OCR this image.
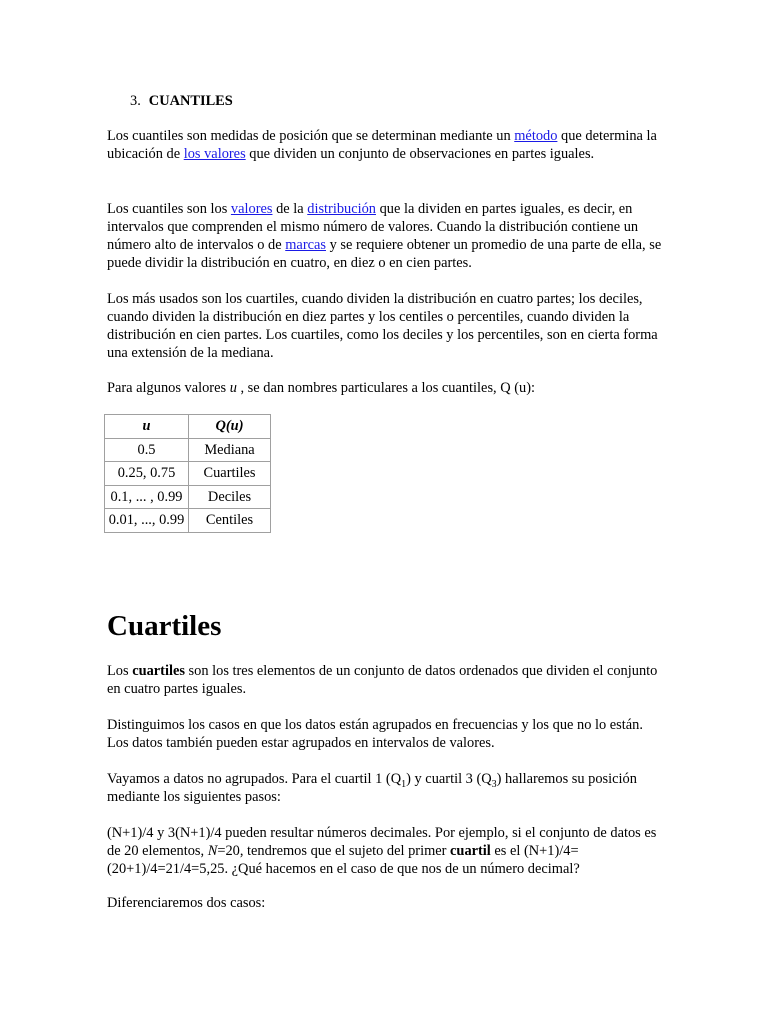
3. CUANTILES

Los cuantiles son medidas de posición que se determinan mediante un método que determina la ubicación de los valores que dividen un conjunto de observaciones en partes iguales.

Los cuantiles son los valores de la distribución que la dividen en partes iguales, es decir, en intervalos que comprenden el mismo número de valores. Cuando la distribución contiene un número alto de intervalos o de marcas y se requiere obtener un promedio de una parte de ella, se puede dividir la distribución en cuatro, en diez o en cien partes.

Los más usados son los cuartiles, cuando dividen la distribución en cuatro partes; los deciles, cuando dividen la distribución en diez partes y los centiles o percentiles, cuando dividen la distribución en cien partes. Los cuartiles, como los deciles y los percentiles, son en cierta forma una extensión de la mediana.

Para algunos valores u , se dan nombres particulares a los cuantiles, Q (u):

u	Q(u)
0.5	Mediana
0.25, 0.75	Cuartiles
0.1, ... , 0.99	Deciles
0.01, ..., 0.99	Centiles
Cuartiles

Los cuartiles son los tres elementos de un conjunto de datos ordenados que dividen el conjunto en cuatro partes iguales.

Distinguimos los casos en que los datos están agrupados en frecuencias y los que no lo están. Los datos también pueden estar agrupados en intervalos de valores.

Vayamos a datos no agrupados. Para el cuartil 1 $(Q_1)$ y cuartil 3 $(Q_3)$ hallaremos su posición mediante los siguientes pasos:

(N+1)/4 y 3(N+1)/4 pueden resultar números decimales. Por ejemplo, si el conjunto de datos es de 20 elementos, N=20, tendremos que el sujeto del primer cuartil es el (N+1)/4=(20+1)/4=21/4=5,25. ¿Qué hacemos en el caso de que nos de un número decimal?

Diferenciaremos dos casos:
